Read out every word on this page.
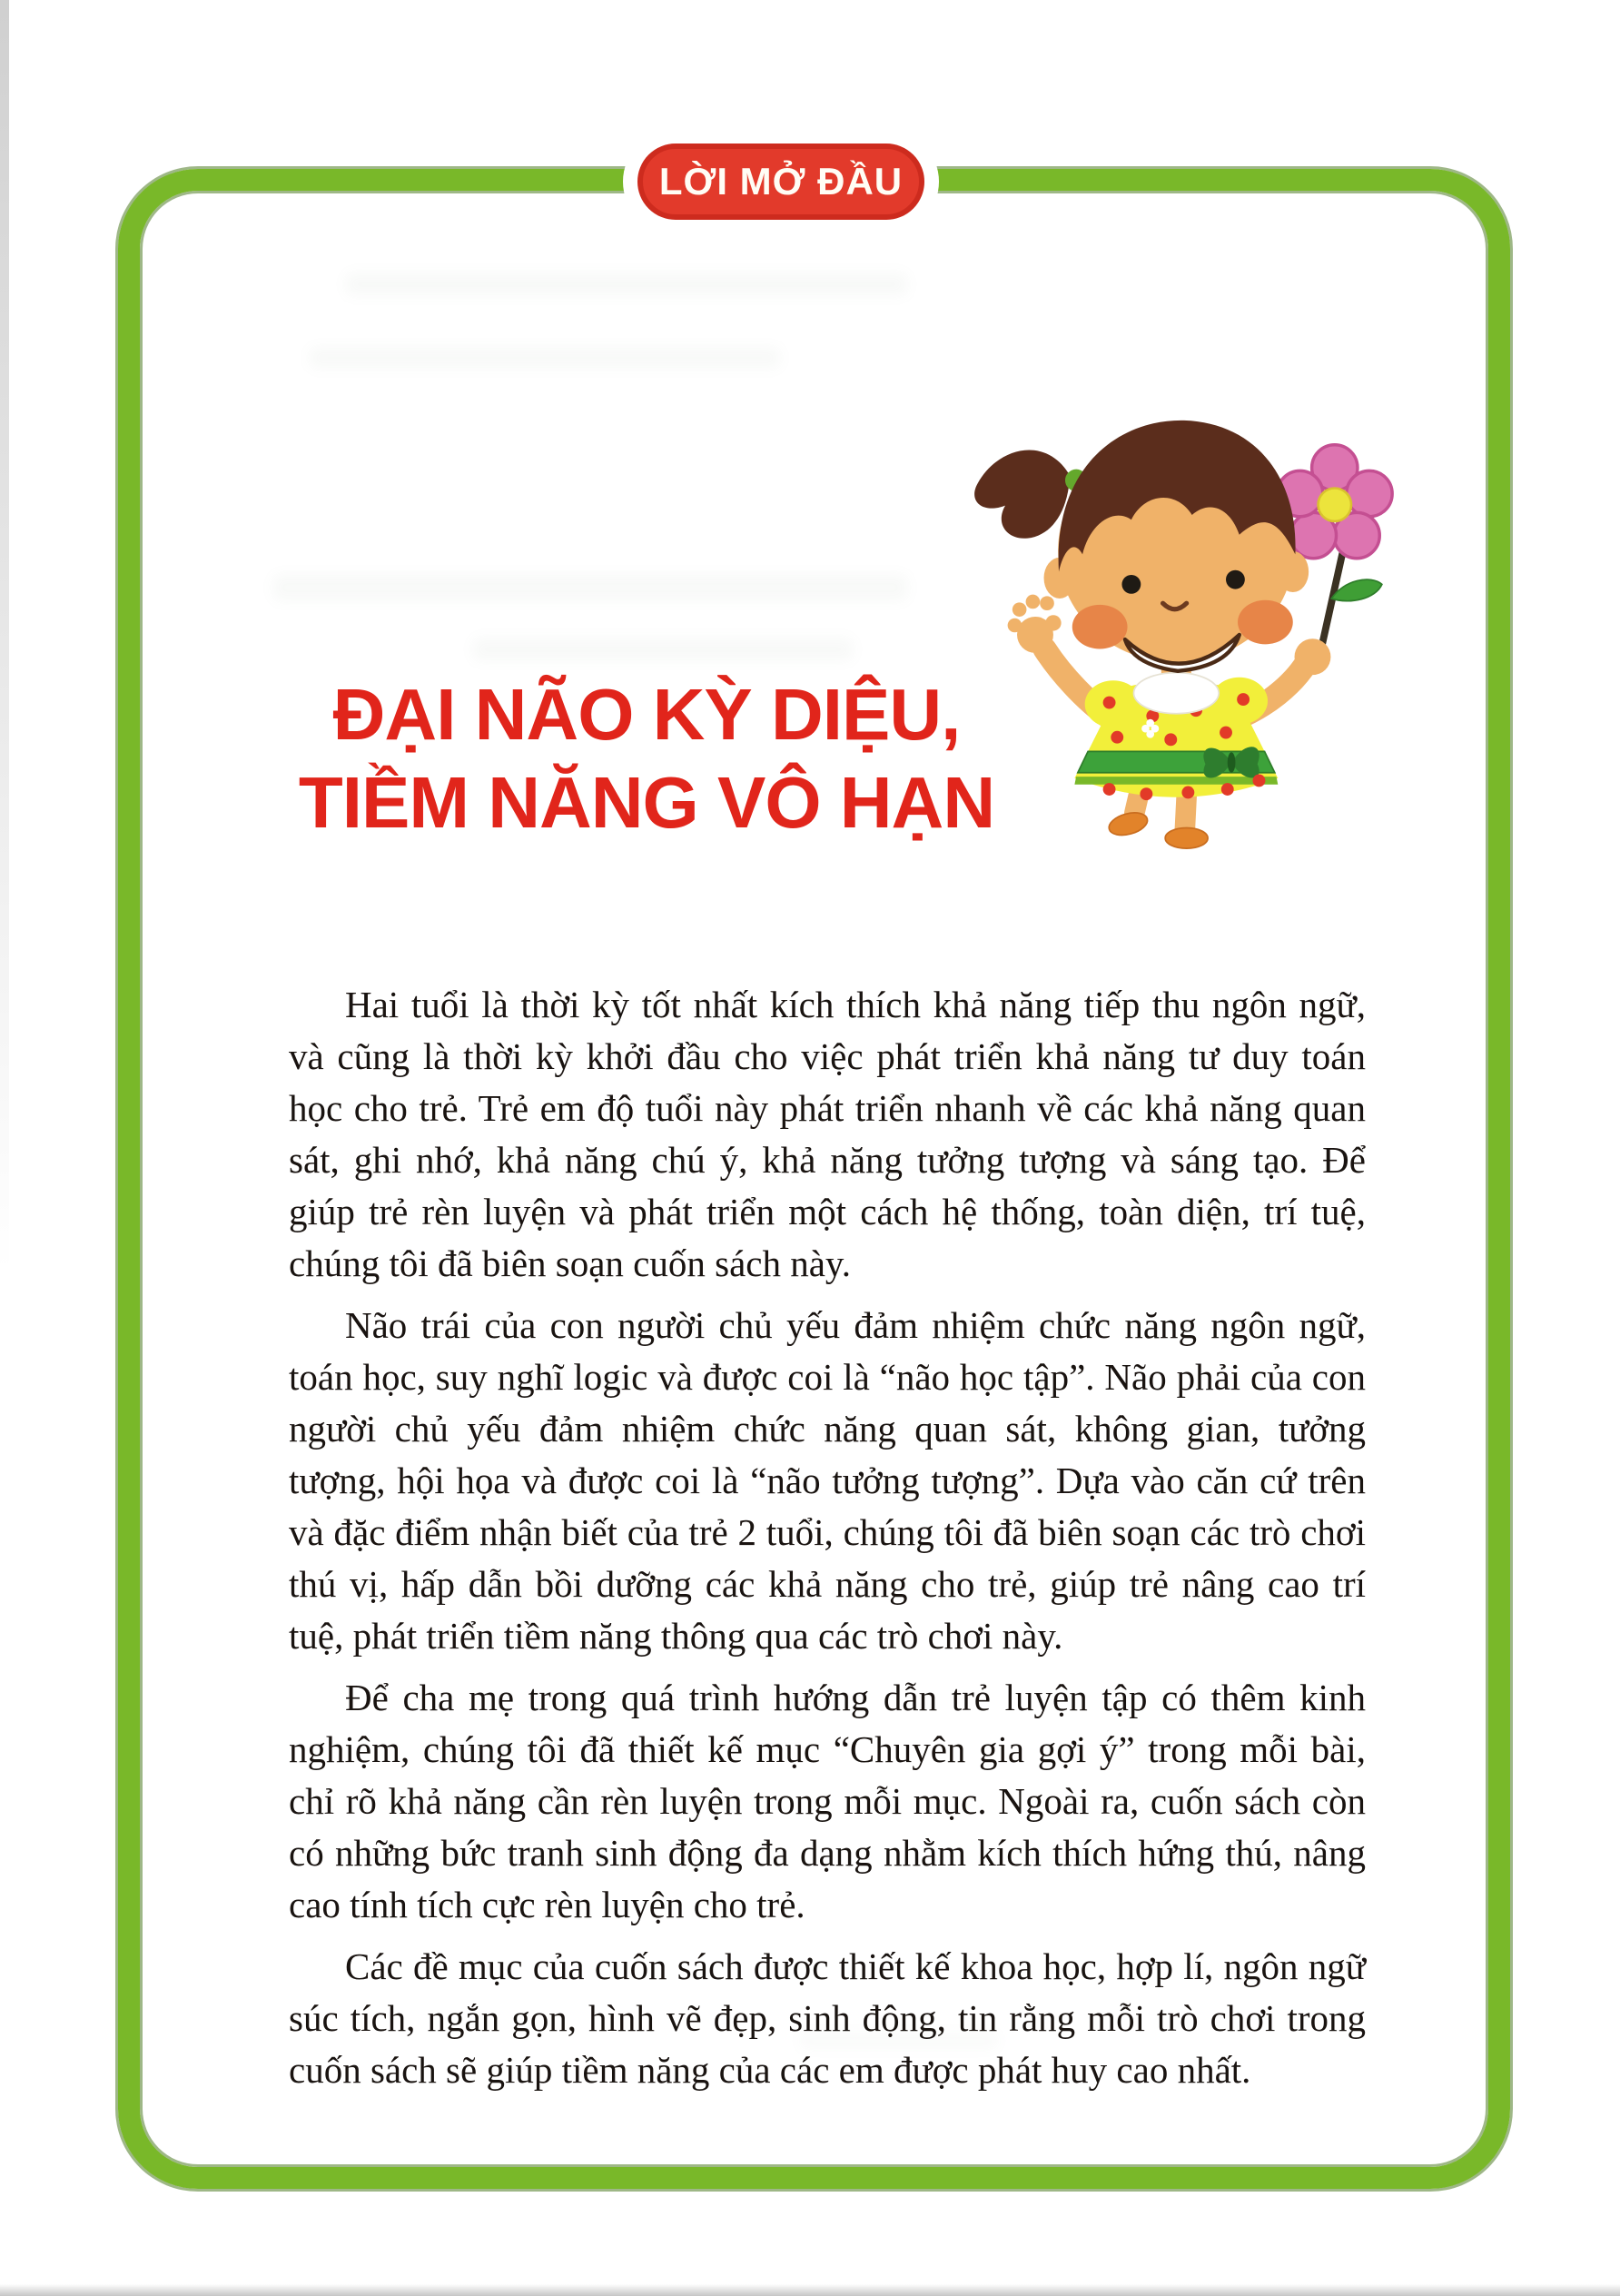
LỜI MỞ ĐẦU
ĐẠI NÃO KỲ DIỆU,
TIỀM NĂNG VÔ HẠN

Hai tuổi là thời kỳ tốt nhất kích thích khả năng tiếp thu ngôn ngữ, và cũng là thời kỳ khởi đầu cho việc phát triển khả năng tư duy toán học cho trẻ. Trẻ em độ tuổi này phát triển nhanh về các khả năng quan sát, ghi nhớ, khả năng chú ý, khả năng tưởng tượng và sáng tạo. Để giúp trẻ rèn luyện và phát triển một cách hệ thống, toàn diện, trí tuệ, chúng tôi đã biên soạn cuốn sách này.

Não trái của con người chủ yếu đảm nhiệm chức năng ngôn ngữ, toán học, suy nghĩ logic và được coi là “não học tập”. Não phải của con người chủ yếu đảm nhiệm chức năng quan sát, không gian, tưởng tượng, hội họa và được coi là “não tưởng tượng”. Dựa vào căn cứ trên và đặc điểm nhận biết của trẻ 2 tuổi, chúng tôi đã biên soạn các trò chơi thú vị, hấp dẫn bồi dưỡng các khả năng cho trẻ, giúp trẻ nâng cao trí tuệ, phát triển tiềm năng thông qua các trò chơi này.

Để cha mẹ trong quá trình hướng dẫn trẻ luyện tập có thêm kinh nghiệm, chúng tôi đã thiết kế mục “Chuyên gia gợi ý” trong mỗi bài, chỉ rõ khả năng cần rèn luyện trong mỗi mục. Ngoài ra, cuốn sách còn có những bức tranh sinh động đa dạng nhằm kích thích hứng thú, nâng cao tính tích cực rèn luyện cho trẻ.

Các đề mục của cuốn sách được thiết kế khoa học, hợp lí, ngôn ngữ súc tích, ngắn gọn, hình vẽ đẹp, sinh động, tin rằng mỗi trò chơi trong cuốn sách sẽ giúp tiềm năng của các em được phát huy cao nhất.
